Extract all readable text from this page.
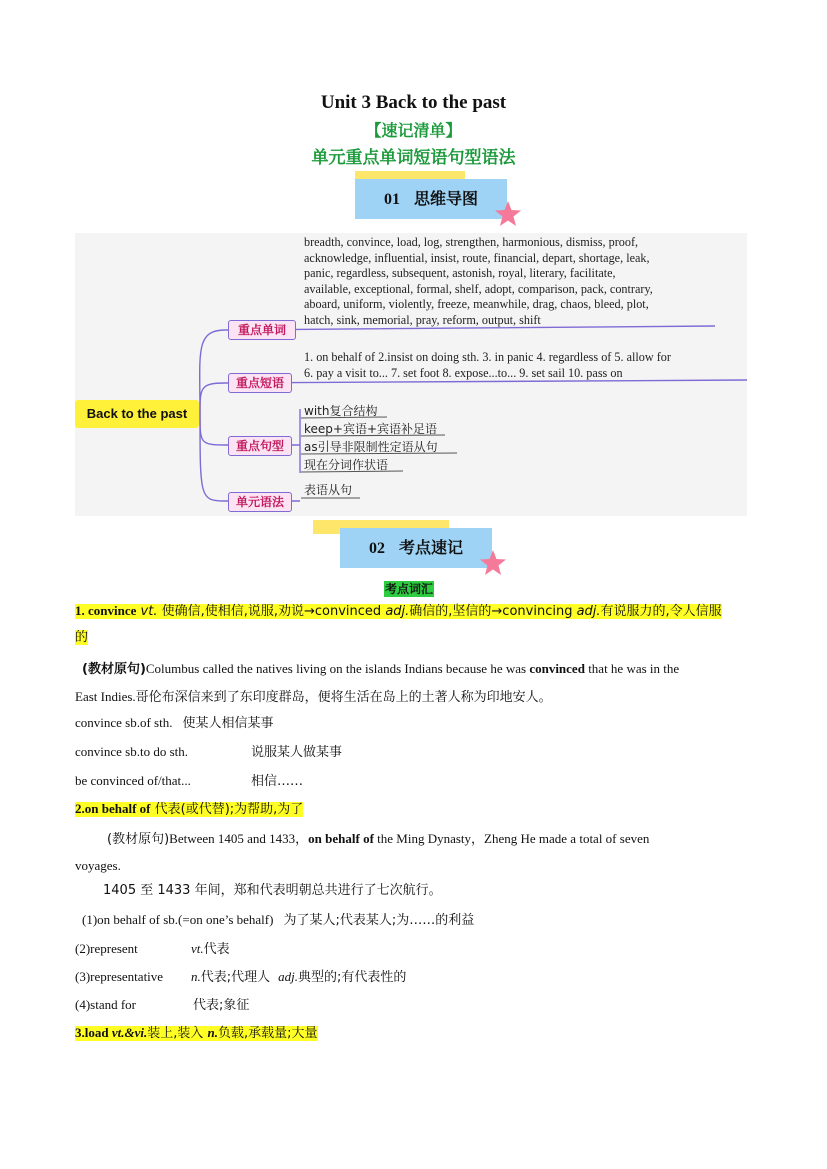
Unit 3 Back to the past
【速记清单】
单元重点单词短语句型语法
01 思维导图
Back to the past
重点单词
重点短语
重点句型
单元语法
breadth, convince, load, log, strengthen, harmonious, dismiss, proof,
acknowledge, influential, insist, route, financial, depart, shortage, leak,
panic, regardless, subsequent, astonish, royal, literary, facilitate,
available, exceptional, formal, shelf, adopt, comparison, pack, contrary,
aboard, uniform, violently, freeze, meanwhile, drag, chaos, bleed, plot,
hatch, sink, memorial, pray, reform, output, shift
1. on behalf of 2.insist on doing sth. 3. in panic 4. regardless of 5. allow for
6. pay a visit to... 7. set foot 8. expose...to... 9. set sail 10. pass on
with复合结构
keep+宾语+宾语补足语
as引导非限制性定语从句
现在分词作状语
表语从句
02 考点速记
考点词汇
1. convince vt. 使确信,使相信,说服,劝说→convinced adj.确信的,坚信的→convincing adj.有说服力的,令人信服
的
(教材原句)Columbus called the natives living on the islands Indians because he was convinced that he was in the
East Indies.哥伦布深信来到了东印度群岛，便将生活在岛上的土著人称为印地安人。
convince sb.of sth. 使某人相信某事
convince sb.to do sth.	说服某人做某事
be convinced of/that...	相信……
2.on behalf of 代表(或代替);为帮助,为了
(教材原句)Between 1405 and 1433，on behalf of the Ming Dynasty，Zheng He made a total of seven
voyages.
1405 至 1433 年间，郑和代表明朝总共进行了七次航行。
(1)on behalf of sb.(=on one’s behalf) 为了某人;代表某人;为……的利益
(2)represent	vt.代表
(3)representative n.代表;代理人 adj.典型的;有代表性的
(4)stand for	代表;象征
3.load vt.&vi.装上,装入 n.负载,承载量;大量
